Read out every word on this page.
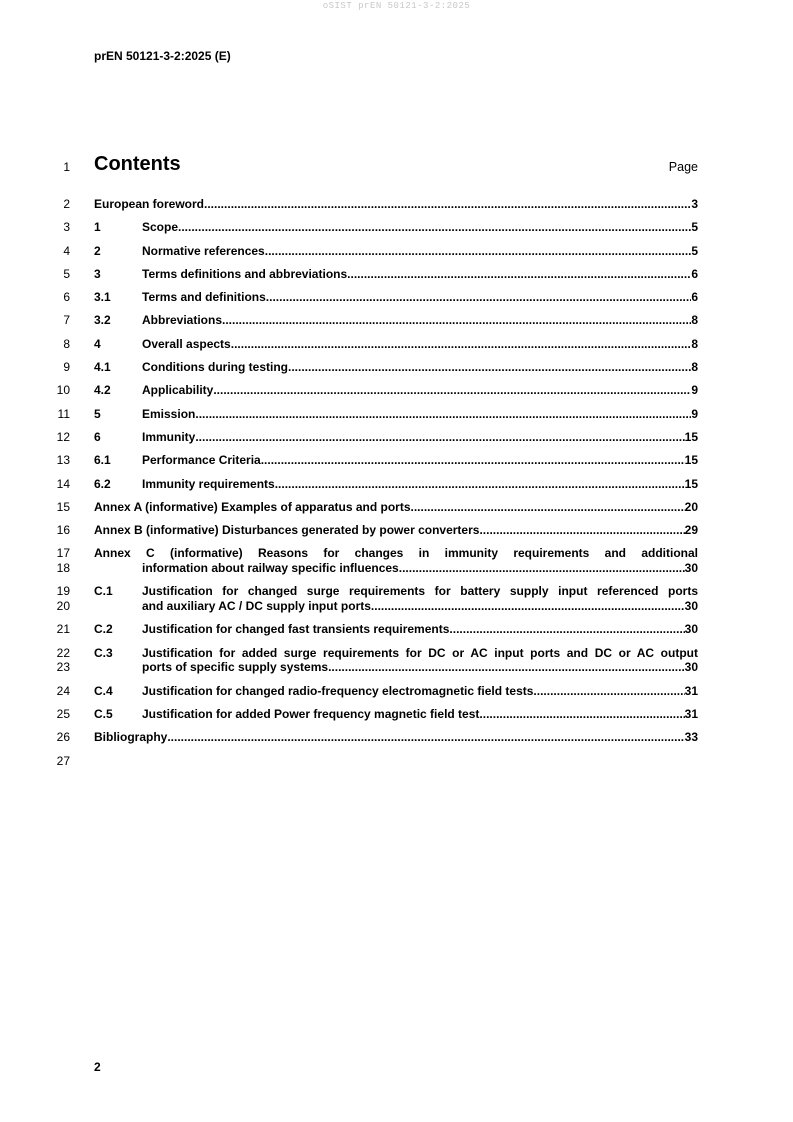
oSIST prEN 50121-3-2:2025
prEN 50121-3-2:2025 (E)
1 Contents	Page
2 European foreword .....	3
3 1	Scope .....	5
4 2	Normative references .....	5
5 3	Terms definitions and abbreviations .....	6
6 3.1	Terms and definitions .....	6
7 3.2	Abbreviations .....	8
8 4	Overall aspects .....	8
9 4.1	Conditions during testing .....	8
10 4.2	Applicability .....	9
11 5	Emission .....	9
12 6	Immunity .....	15
13 6.1	Performance Criteria .....	15
14 6.2	Immunity requirements .....	15
15 Annex A (informative) Examples of apparatus and ports .....	20
16 Annex B (informative) Disturbances generated by power converters .....	29
17
18
Annex C (informative) Reasons for changes in immunity requirements and additional
information about railway specific influences .....	30
19
20
C.1	Justification for changed surge requirements for battery supply input referenced ports
and auxiliary AC / DC supply input ports .....	30
21 C.2	Justification for changed fast transients requirements .....	30
22
23
C.3	Justification for added surge requirements for DC or AC input ports and DC or AC output
ports of specific supply systems .....	30
24 C.4	Justification for changed radio-frequency electromagnetic field tests .....	31
25 C.5	Justification for added Power frequency magnetic field test .....	31
26 Bibliography .....	33
27
2
